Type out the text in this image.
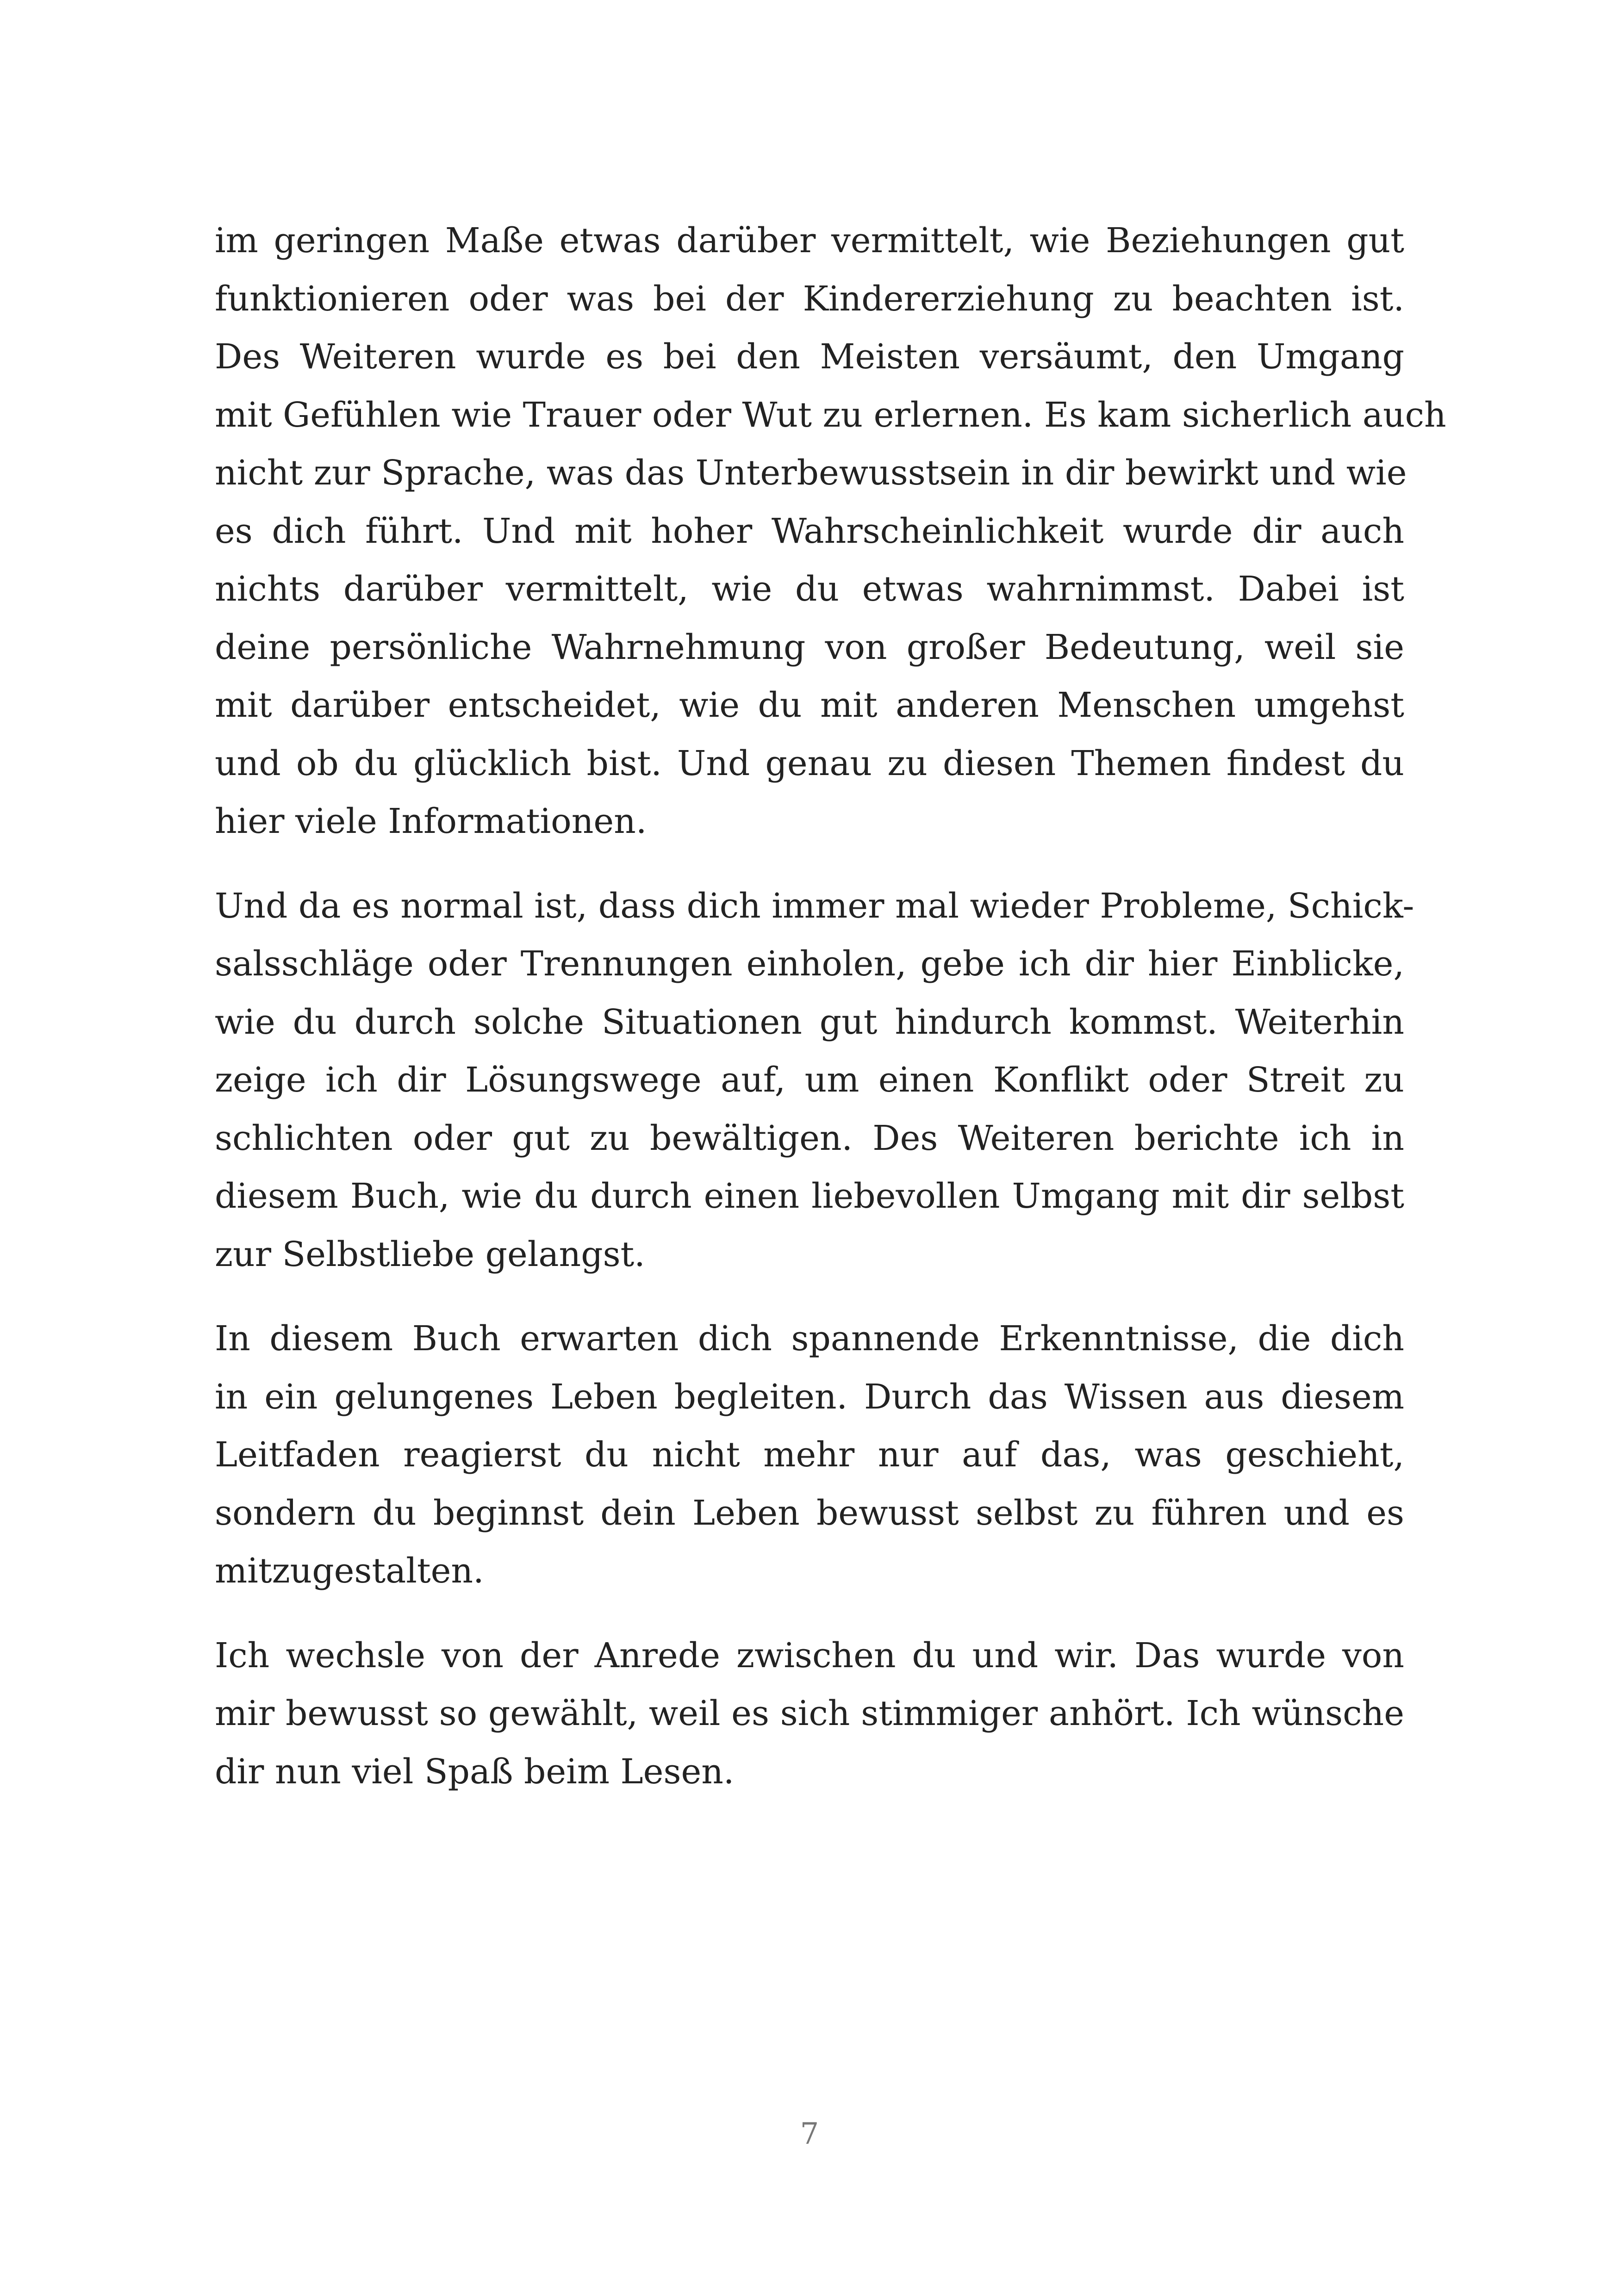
im geringen Maße etwas darüber vermittelt, wie Beziehungen gut
funktionieren oder was bei der Kindererziehung zu beachten ist.
Des Weiteren wurde es bei den Meisten versäumt, den Umgang
mit Gefühlen wie Trauer oder Wut zu erlernen. Es kam sicherlich auch
nicht zur Sprache, was das Unterbewusstsein in dir bewirkt und wie
es dich führt. Und mit hoher Wahrscheinlichkeit wurde dir auch
nichts darüber vermittelt, wie du etwas wahrnimmst. Dabei ist
deine persönliche Wahrnehmung von großer Bedeutung, weil sie
mit darüber entscheidet, wie du mit anderen Menschen umgehst
und ob du glücklich bist. Und genau zu diesen Themen findest du
hier viele Informationen.
Und da es normal ist, dass dich immer mal wieder Probleme, Schick-
salsschläge oder Trennungen einholen, gebe ich dir hier Einblicke,
wie du durch solche Situationen gut hindurch kommst. Weiterhin
zeige ich dir Lösungswege auf, um einen Konflikt oder Streit zu
schlichten oder gut zu bewältigen. Des Weiteren berichte ich in
diesem Buch, wie du durch einen liebevollen Umgang mit dir selbst
zur Selbstliebe gelangst.
In diesem Buch erwarten dich spannende Erkenntnisse, die dich
in ein gelungenes Leben begleiten. Durch das Wissen aus diesem
Leitfaden reagierst du nicht mehr nur auf das, was geschieht,
sondern du beginnst dein Leben bewusst selbst zu führen und es
mitzugestalten.
Ich wechsle von der Anrede zwischen du und wir. Das wurde von
mir bewusst so gewählt, weil es sich stimmiger anhört. Ich wünsche
dir nun viel Spaß beim Lesen.
7
